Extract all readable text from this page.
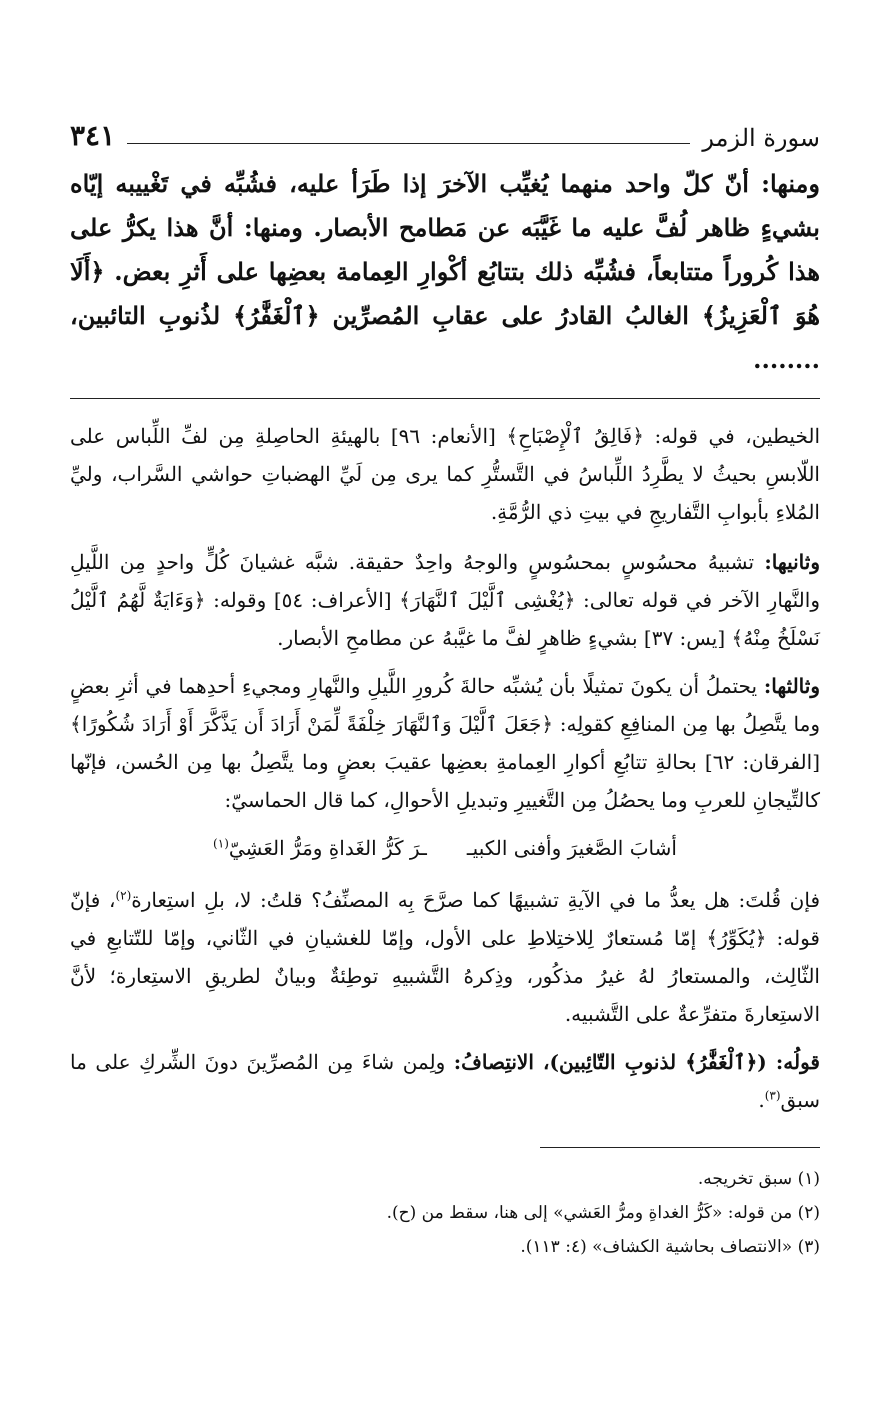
سورة الزمر
٣٤١

ومنها: أنّ كلّ واحد منهما يُغيِّب الآخرَ إذا طَرَأ عليه، فشُبِّه في تَغْييبه إيّاه بشيءٍ ظاهر لُفَّ عليه ما غَيَّبَه عن مَطامح الأبصار. ومنها: أنَّ هذا يكرُّ على هذا كُروراً متتابعاً، فشُبِّه ذلك بتتابُع أكْوارِ العِمامة بعضِها على أَثرِ بعض. ﴿أَلَا هُوَ ٱلْعَزِيزُ﴾ الغالبُ القادرُ على عقابِ المُصرِّين ﴿ٱلْغَفَّٰرُ﴾ لذُنوبِ التائبين، ........

الخيطين، في قوله: ﴿فَالِقُ ٱلْإِصْبَاحِ﴾ [الأنعام: ٩٦] بالهيئةِ الحاصِلةِ مِن لفِّ اللِّباس على اللّابسِ بحيثُ لا يطَّرِدُ اللِّباسُ في التَّستُّرِ كما يرى مِن لَيِّ الهضباتِ حواشي السَّراب، وليِّ المُلاءِ بأبوابِ التَّفاريجِ في بيتِ ذي الرُّمَّةِ.

وثانيها: تشبيهُ محسُوسٍ بمحسُوسٍ والوجهُ واحِدٌ حقيقة. شبَّه غشيانَ كُلٍّ واحدٍ مِن اللَّيلِ والنَّهارِ الآخر في قوله تعالى: ﴿يُغْشِى ٱلَّيْلَ ٱلنَّهَارَ﴾ [الأعراف: ٥٤] وقوله: ﴿وَءَايَةٌ لَّهُمُ ٱلَّيْلُ نَسْلَخُ مِنْهُ﴾ [يس: ٣٧] بشيءٍ ظاهرٍ لفَّ ما غيَّبهُ عن مطامحِ الأبصار.

وثالثها: يحتملُ أن يكونَ تمثيلًا بأن يُشبِّه حالةَ كُرورِ اللَّيلِ والنَّهارِ ومجيءِ أحدِهما في أثرِ بعضٍ وما يتَّصِلُ بها مِن المنافِعِ كقولِه: ﴿جَعَلَ ٱلَّيْلَ وَٱلنَّهَارَ خِلْفَةً لِّمَنْ أَرَادَ أَن يَذَّكَّرَ أَوْ أَرَادَ شُكُورًا﴾ [الفرقان: ٦٢] بحالةِ تتابُعِ أكوارِ العِمامةِ بعضِها عقيبَ بعضٍ وما يتَّصِلُ بها مِن الحُسن، فإنّها كالتِّيجانِ للعربِ وما يحصُلُ مِن التَّغييرِ وتبديلِ الأحوالِ، كما قال الحماسيّ:

أشابَ الصَّغيرَ وأفنى الكبيـ
ـرَ كَرُّ الغَداةِ ومَرُّ العَشِيّ$^{(١)}$

فإن قُلتَ: هل يعدُّ ما في الآيةِ تشبيهًا كما صرَّحَ بِه المصنِّفُ؟ قلتُ: لا، بلِ استِعارة$^{(٢)}$، فإنّ قوله: ﴿يُكَوِّرُ﴾ إمّا مُستعارٌ لِلاختِلاطِ على الأول، وإمّا للغشيانِ في الثّاني، وإمّا للتّتابعِ في الثّالِث، والمستعارُ لهُ غيرُ مذكُور، وذِكرهُ التَّشبيهِ توطِئةٌ وبيانٌ لطريقِ الاستِعارة؛ لأنَّ الاستِعارةَ متفرِّعةٌ على التَّشبيه.

قولُه: (﴿ٱلْغَفَّٰرُ﴾ لذنوبِ التّائِبين)، الانتِصافُ: ولِمن شاءَ مِن المُصرِّينَ دونَ الشِّركِ على ما سبق$^{(٣)}$.

(١) سبق تخريجه.
(٢) من قوله: «كَرُّ الغداةِ ومرُّ العَشي» إلى هنا، سقط من (ح).
(٣) «الانتصاف بحاشية الكشاف» (٤: ١١٣).
